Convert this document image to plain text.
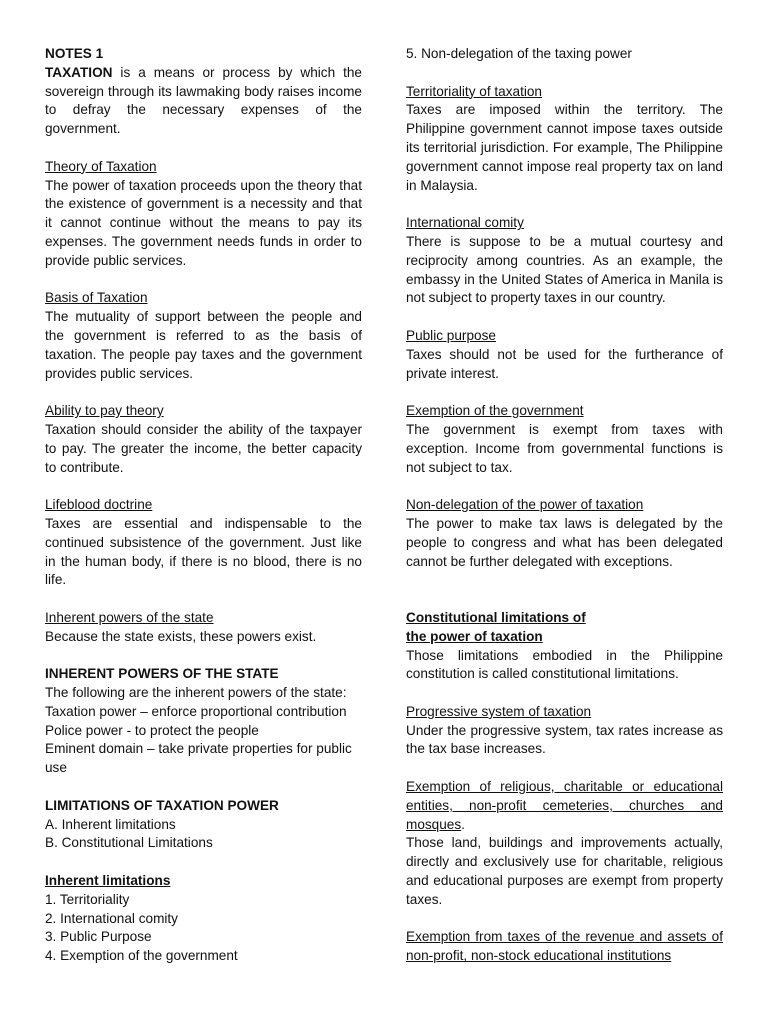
NOTES 1

TAXATION is a means or process by which the sovereign through its lawmaking body raises income to defray the necessary expenses of the government.

Theory of Taxation

The power of taxation proceeds upon the theory that the existence of government is a necessity and that it cannot continue without the means to pay its expenses. The government needs funds in order to provide public services.

Basis of Taxation

The mutuality of support between the people and the government is referred to as the basis of taxation. The people pay taxes and the government provides public services.

Ability to pay theory

Taxation should consider the ability of the taxpayer to pay. The greater the income, the better capacity to contribute.

Lifeblood doctrine

Taxes are essential and indispensable to the continued subsistence of the government. Just like in the human body, if there is no blood, there is no life.

Inherent powers of the state

Because the state exists, these powers exist.

INHERENT POWERS OF THE STATE

The following are the inherent powers of the state:

Taxation power – enforce proportional contribution

Police power - to protect the people

Eminent domain – take private properties for public use

LIMITATIONS OF TAXATION POWER

A. Inherent limitations

B. Constitutional Limitations

Inherent limitations

1. Territoriality

2. International comity

3. Public Purpose

4. Exemption of the government

5. Non-delegation of the taxing power

Territoriality of taxation

Taxes are imposed within the territory. The Philippine government cannot impose taxes outside its territorial jurisdiction. For example, The Philippine government cannot impose real property tax on land in Malaysia.

International comity

There is suppose to be a mutual courtesy and reciprocity among countries. As an example, the embassy in the United States of America in Manila is not subject to property taxes in our country.

Public purpose

Taxes should not be used for the furtherance of private interest.

Exemption of the government

The government is exempt from taxes with exception. Income from governmental functions is not subject to tax.

Non-delegation of the power of taxation

The power to make tax laws is delegated by the people to congress and what has been delegated cannot be further delegated with exceptions.

Constitutional limitations of

the power of taxation

Those limitations embodied in the Philippine constitution is called constitutional limitations.

Progressive system of taxation

Under the progressive system, tax rates increase as the tax base increases.

Exemption of religious, charitable or educational entities, non-profit cemeteries, churches and mosques.

Those land, buildings and improvements actually, directly and exclusively use for charitable, religious and educational purposes are exempt from property taxes.

Exemption from taxes of the revenue and assets of non-profit, non-stock educational institutions
